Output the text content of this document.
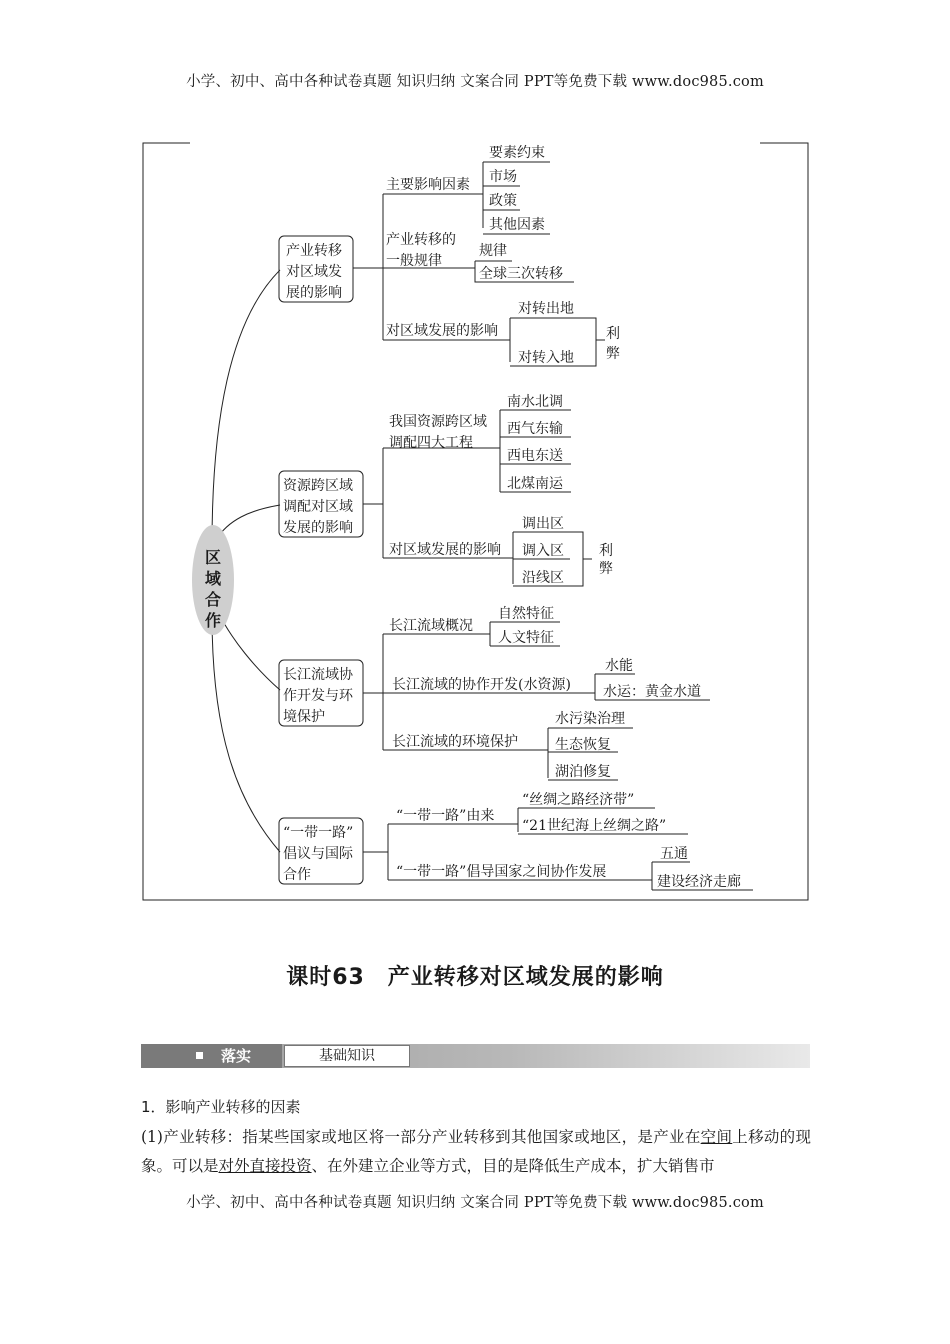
小学、初中、高中各种试卷真题 知识归纳 文案合同 PPT等免费下载 www.doc985.com
区
域
合
作
产业转移
对区域发
展的影响
主要影响因素
要素约束
市场
政策
其他因素
产业转移的
一般规律
规律
全球三次转移
对区域发展的影响
对转出地
对转入地
利
弊
资源跨区域
调配对区域
发展的影响
我国资源跨区域
调配四大工程
南水北调
西气东输
西电东送
北煤南运
对区域发展的影响
调出区
调入区
沿线区
利
弊
长江流域协
作开发与环
境保护
长江流域概况
自然特征
人文特征
长江流域的协作开发(水资源)
水能
水运：黄金水道
长江流域的环境保护
水污染治理
生态恢复
湖泊修复
“一带一路”
倡议与国际
合作
“一带一路”由来
“丝绸之路经济带”
“21世纪海上丝绸之路”
“一带一路”倡导国家之间协作发展
五通
建设经济走廊
课时63　产业转移对区域发展的影响
落实	基础知识
1．影响产业转移的因素
(1)产业转移：指某些国家或地区将一部分产业转移到其他国家或地区，是产业在空间上移动的现象。可以是对外直接投资、在外建立企业等方式，目的是降低生产成本，扩大销售市
小学、初中、高中各种试卷真题 知识归纳 文案合同 PPT等免费下载 www.doc985.com
